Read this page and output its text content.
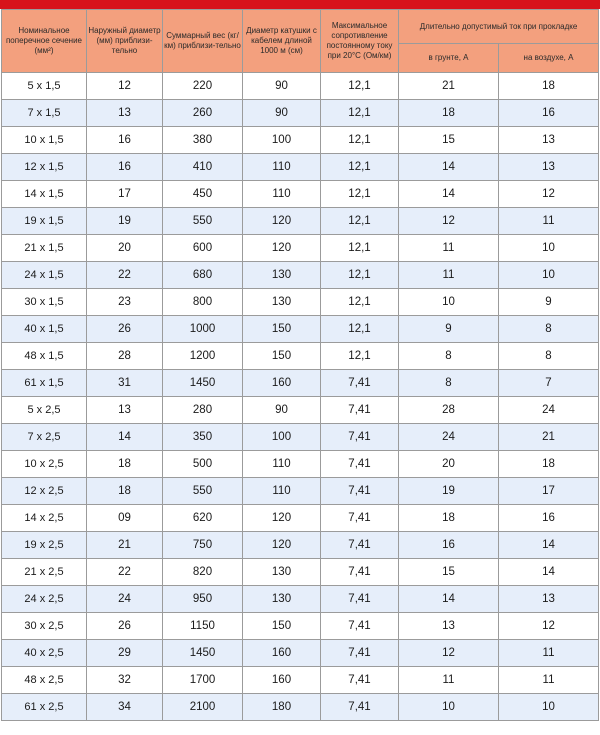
Номинальное поперечное сечение (мм²)	Наружный диаметр (мм) приблизи-тельно	Суммарный вес (кг/км) приблизи-тельно	Диаметр катушки с кабелем длиной 1000 м (см)	Максимальное сопротивление постоянному току при 20°С (Ом/км)	Длительно допустимый ток при прокладке	
					в грунте, А	на воздухе, А
5 x 1,5	12	220	90	12,1	21	18
7 x 1,5	13	260	90	12,1	18	16
10 x 1,5	16	380	100	12,1	15	13
12 x 1,5	16	410	110	12,1	14	13
14 x 1,5	17	450	110	12,1	14	12
19 x 1,5	19	550	120	12,1	12	11
21 x 1,5	20	600	120	12,1	11	10
24 x 1,5	22	680	130	12,1	11	10
30 x 1,5	23	800	130	12,1	10	9
40 x 1,5	26	1000	150	12,1	9	8
48 x 1,5	28	1200	150	12,1	8	8
61 x 1,5	31	1450	160	7,41	8	7
5 x 2,5	13	280	90	7,41	28	24
7 x 2,5	14	350	100	7,41	24	21
10 x 2,5	18	500	110	7,41	20	18
12 x 2,5	18	550	110	7,41	19	17
14 x 2,5	09	620	120	7,41	18	16
19 x 2,5	21	750	120	7,41	16	14
21 x 2,5	22	820	130	7,41	15	14
24 x 2,5	24	950	130	7,41	14	13
30 x 2,5	26	1150	150	7,41	13	12
40 x 2,5	29	1450	160	7,41	12	11
48 x 2,5	32	1700	160	7,41	11	11
61 x 2,5	34	2100	180	7,41	10	10
